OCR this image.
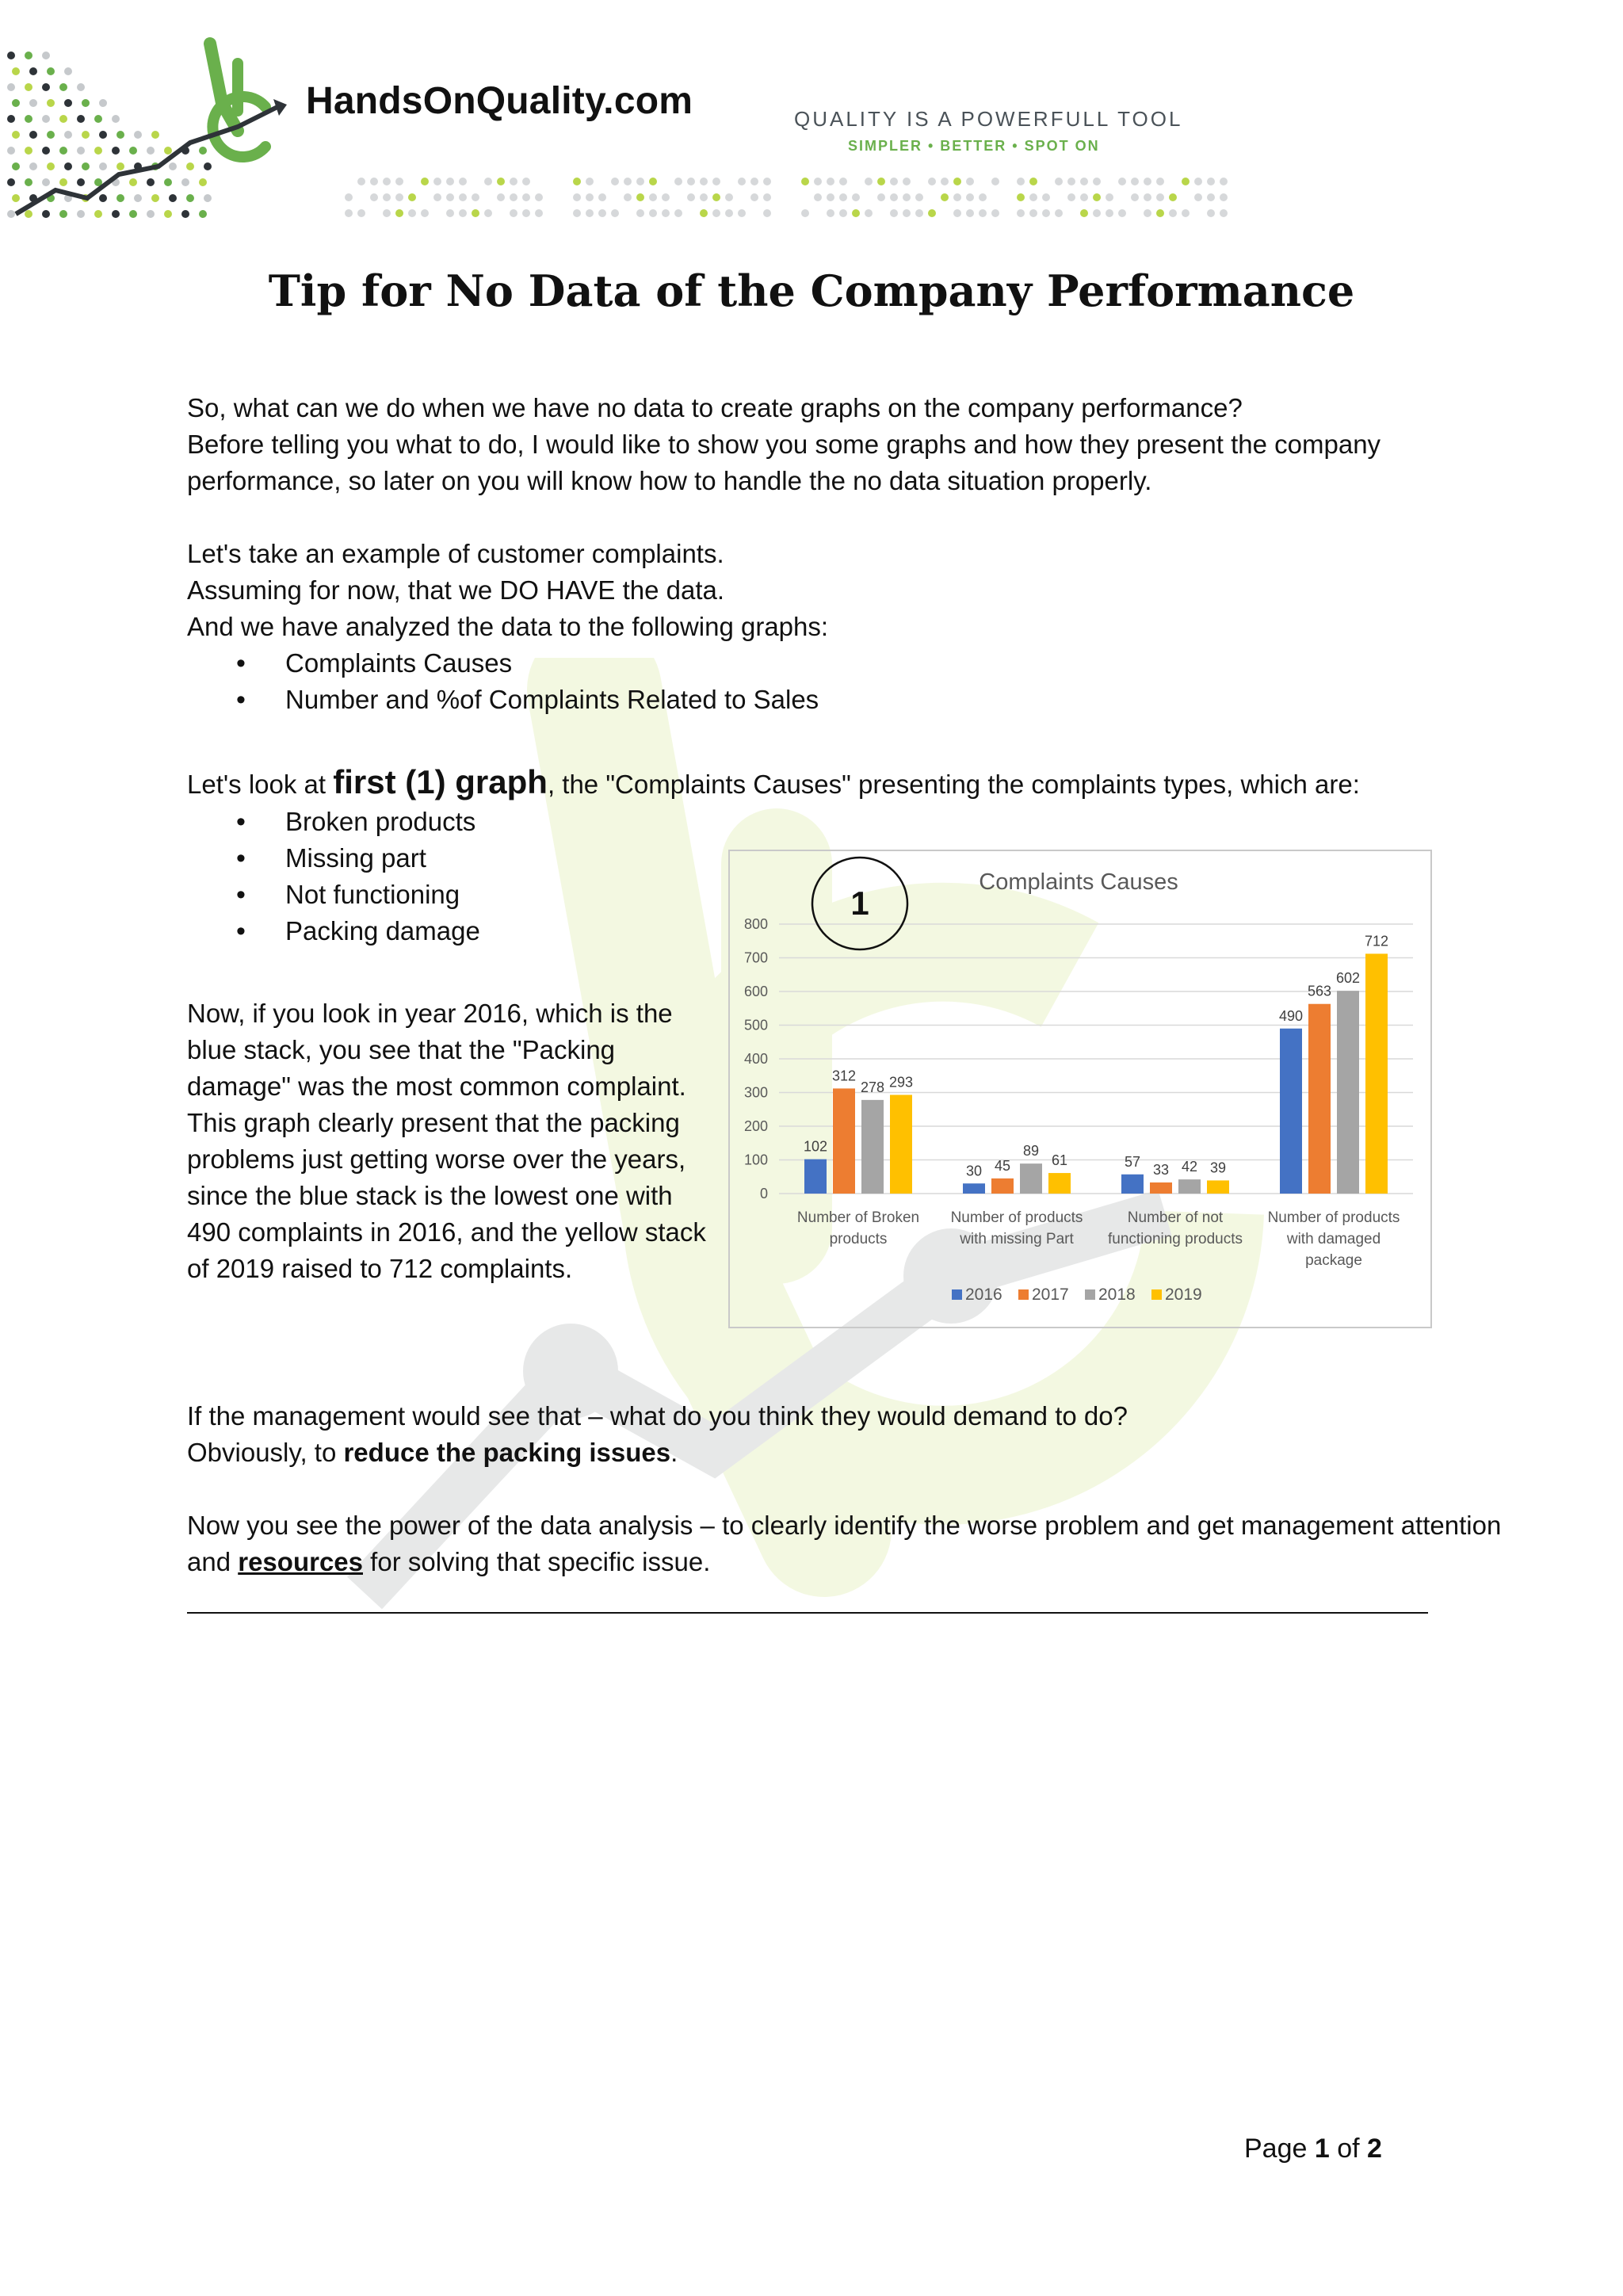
HandsOnQuality.com	QUALITY IS A POWERFULL TOOL
SIMPLER • BETTER • SPOT ON
Tip for No Data of the Company Performance
So, what can we do when we have no data to create graphs on the company performance?
Before telling you what to do, I would like to show you some graphs and how they present the company performance, so later on you will know how to handle the no data situation properly.
Let's take an example of customer complaints.
Assuming for now, that we DO HAVE the data.
And we have analyzed the data to the following graphs:
• Complaints Causes
• Number and %of Complaints Related to Sales
Let's look at first (1) graph, the "Complaints Causes" presenting the complaints types, which are:
• Broken products
• Missing part
• Not functioning
• Packing damage
Now, if you look in year 2016, which is the blue stack, you see that the "Packing damage" was the most common complaint.
This graph clearly present that the packing problems just getting worse over the years, since the blue stack is the lowest one with 490 complaints in 2016, and the yellow stack of 2019 raised to 712 complaints.
0
100
200
300
400
500
600
700
800
1
Complaints Causes
102
312
278 293
Number of Broken
products
30 45
89
61
Number of products
with missing Part
57
33 42 39
Number of not
functioning products
490
563
602
712
Number of products
with damaged
package
2016 2017 2018 2019
If the management would see that – what do you think they would demand to do?
Obviously, to reduce the packing issues.
Now you see the power of the data analysis – to clearly identify the worse problem and get management attention and resources for solving that specific issue.
Page 1 of 2
